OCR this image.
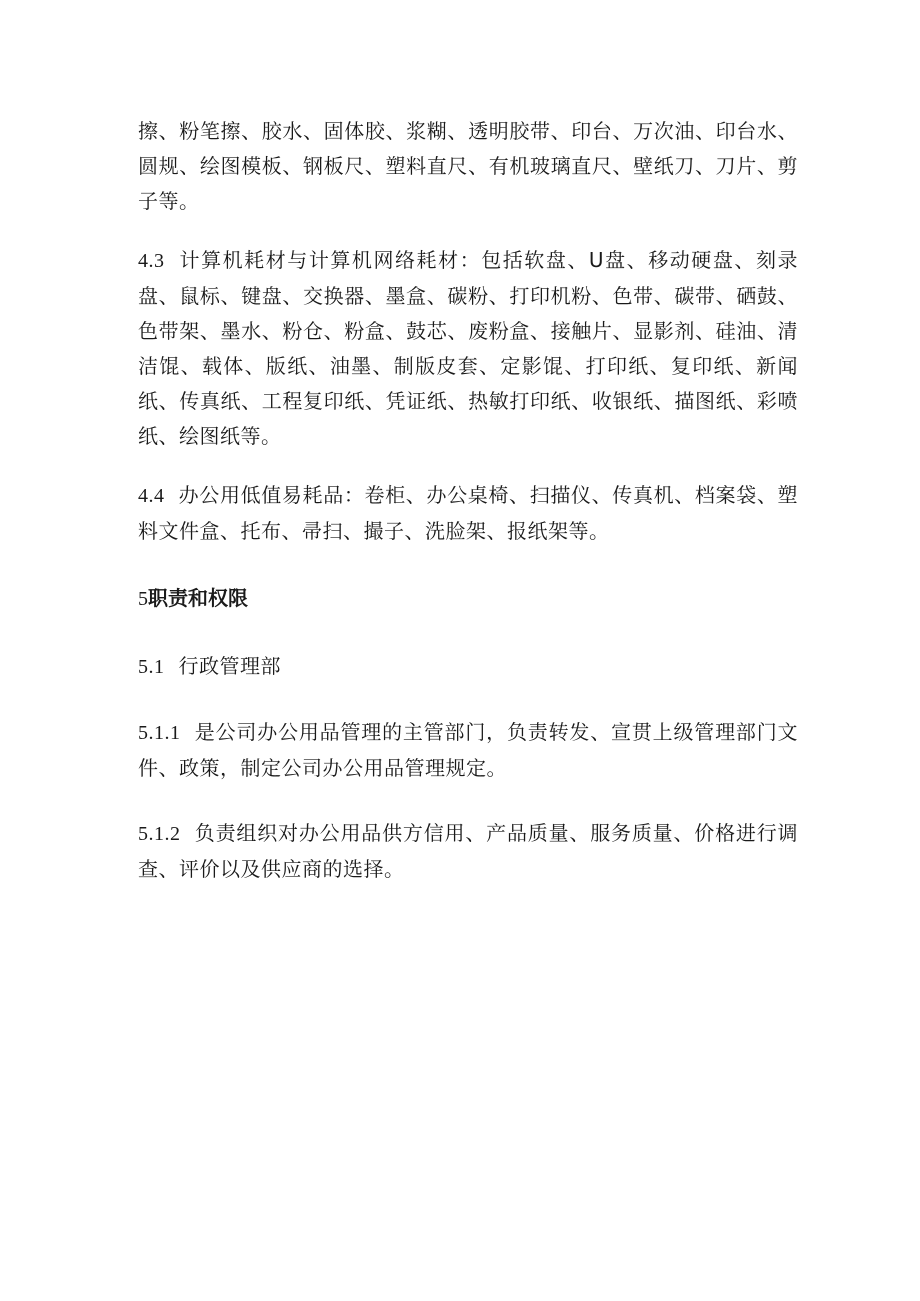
擦、粉笔擦、胶水、固体胶、浆糊、透明胶带、印台、万次油、印台水、圆规、绘图模板、钢板尺、塑料直尺、有机玻璃直尺、壁纸刀、刀片、剪子等。

4.3 计算机耗材与计算机网络耗材：包括软盘、U盘、移动硬盘、刻录盘、鼠标、键盘、交换器、墨盒、碳粉、打印机粉、色带、碳带、硒鼓、色带架、墨水、粉仓、粉盒、鼓芯、废粉盒、接触片、显影剂、硅油、清洁馄、载体、版纸、油墨、制版皮套、定影馄、打印纸、复印纸、新闻纸、传真纸、工程复印纸、凭证纸、热敏打印纸、收银纸、描图纸、彩喷纸、绘图纸等。

4.4 办公用低值易耗品：卷柜、办公桌椅、扫描仪、传真机、档案袋、塑料文件盒、托布、帚扫、撮子、洗脸架、报纸架等。

5职责和权限

5.1 行政管理部

5.1.1 是公司办公用品管理的主管部门，负责转发、宣贯上级管理部门文件、政策，制定公司办公用品管理规定。

5.1.2 负责组织对办公用品供方信用、产品质量、服务质量、价格进行调查、评价以及供应商的选择。
